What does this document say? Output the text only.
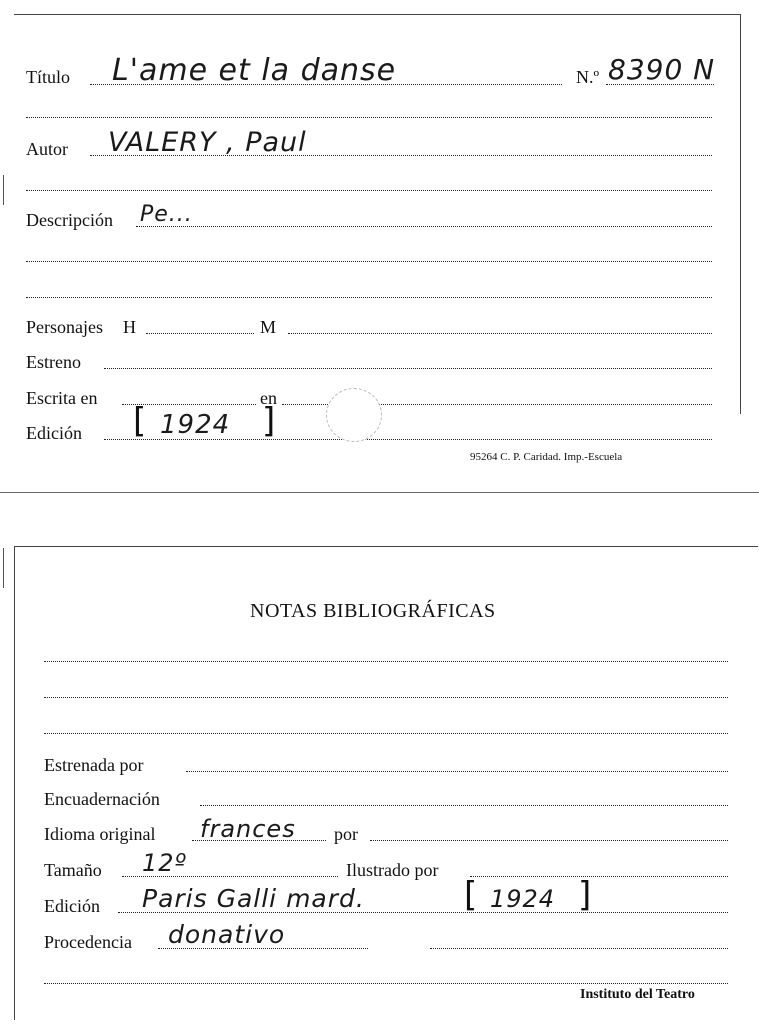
Título L'ame et la danse	N.º 8390 N
Autor VALERY , Paul
Descripción Pe...
Personajes H	M
Estreno
Escrita en	en
Edición [ 1924 ]
95264 C. P. Caridad. Imp.-Escuela
NOTAS BIBLIOGRÁFICAS
Estrenada por
Encuadernación
Idioma original frances por
Tamaño 12º	Ilustrado por
Edición Paris Galli mard.	[ 1924 ]
Procedencia donativo
Instituto del Teatro
